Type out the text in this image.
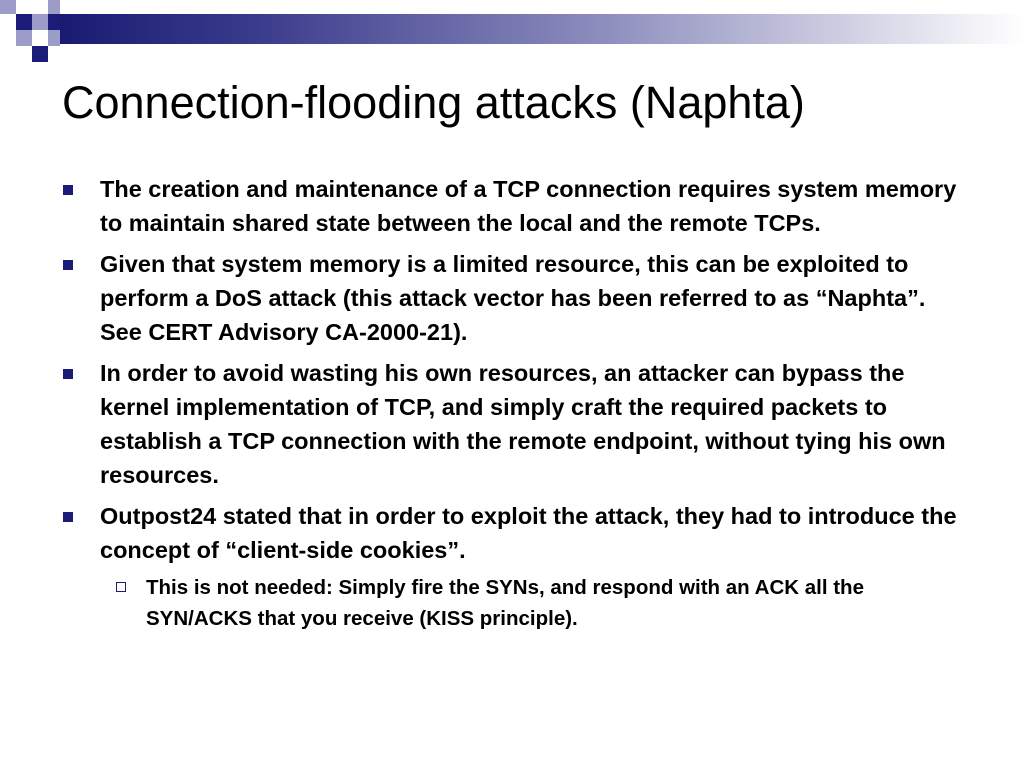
Connection-flooding attacks (Naphta)
The creation and maintenance of a TCP connection requires system memory to maintain shared state between the local and the remote TCPs.
Given that system memory is a limited resource, this can be exploited to perform a DoS attack (this attack vector has been referred to as “Naphta”. See CERT Advisory CA-2000-21).
In order to avoid wasting his own resources, an attacker can bypass the kernel implementation of TCP, and simply craft the required packets to establish a TCP connection with the remote endpoint, without tying his own resources.
Outpost24 stated that in order to exploit the attack, they had to introduce the concept of “client-side cookies”.
This is not needed: Simply fire the SYNs, and respond with an ACK all the SYN/ACKS that you receive (KISS principle).
